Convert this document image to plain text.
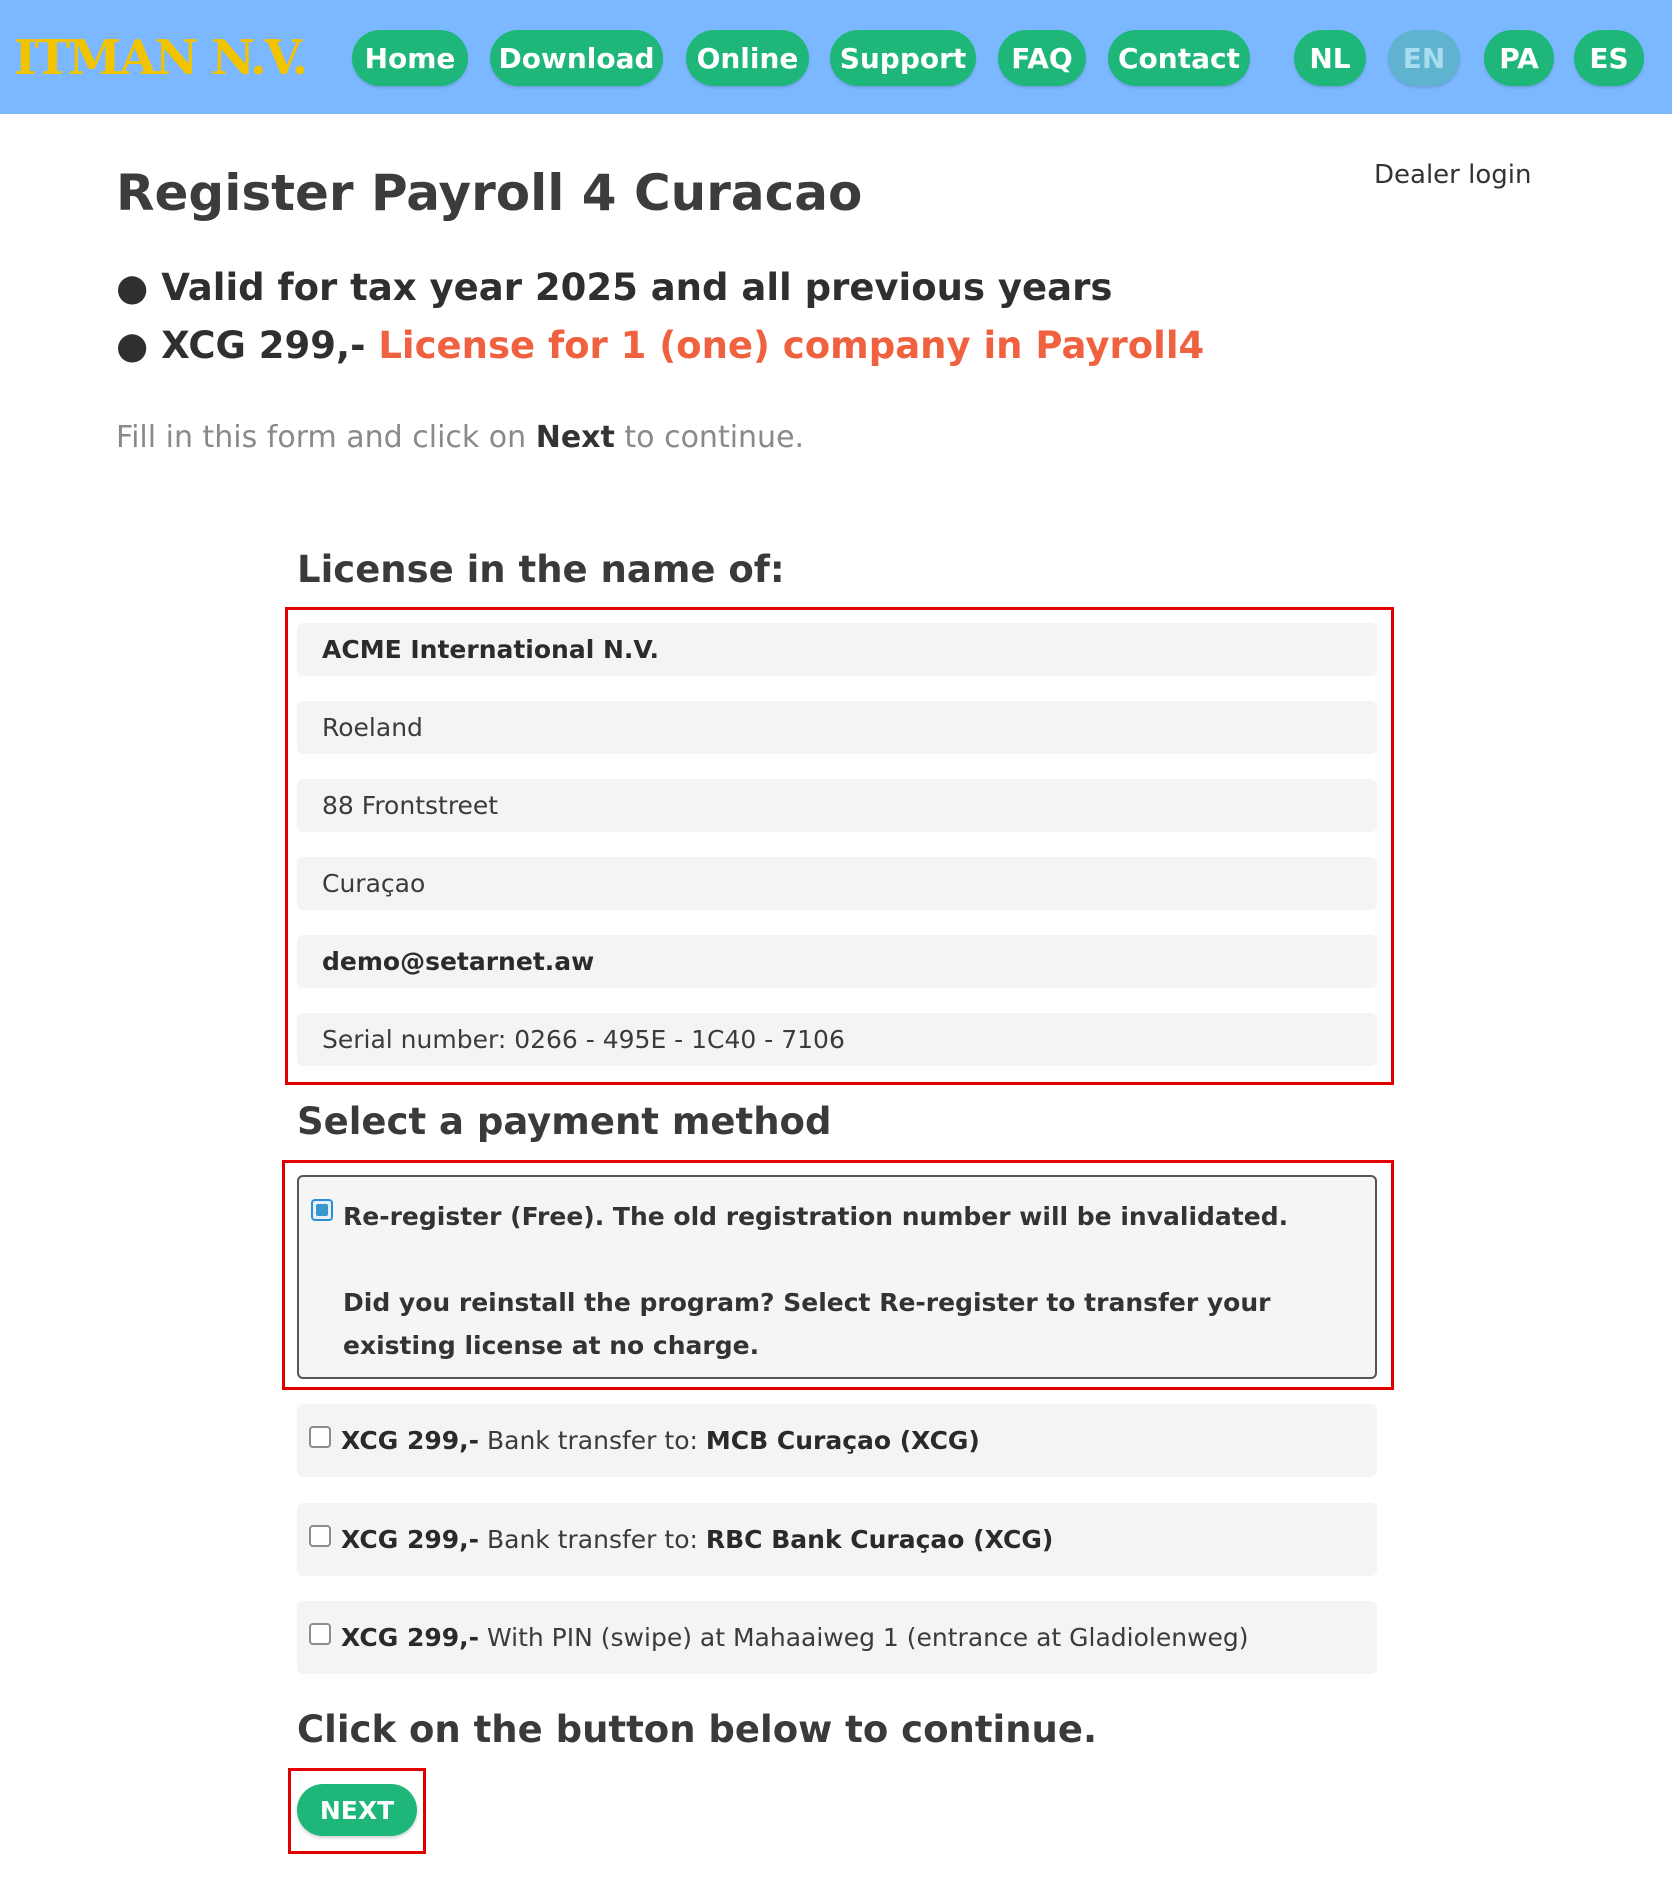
ITMAN N.V.	Home	Download	Online	Support	FAQ	Contact	NL	EN	PA	ES
Dealer login
Register Payroll 4 Curacao
● Valid for tax year 2025 and all previous years
● XCG 299,- License for 1 (one) company in Payroll4

Fill in this form and click on Next to continue.

License in the name of:
ACME International N.V.
Roeland
88 Frontstreet
Curaçao
demo@setarnet.aw
Serial number: 0266 - 495E - 1C40 - 7106
Select a payment method

Re-register (Free). The old registration number will be invalidated.

Did you reinstall the program? Select Re-register to transfer your existing license at no charge.

XCG 299,- Bank transfer to: MCB Curaçao (XCG)
XCG 299,- Bank transfer to: RBC Bank Curaçao (XCG)
XCG 299,- With PIN (swipe) at Mahaaiweg 1 (entrance at Gladiolenweg)
Click on the button below to continue.
NEXT
